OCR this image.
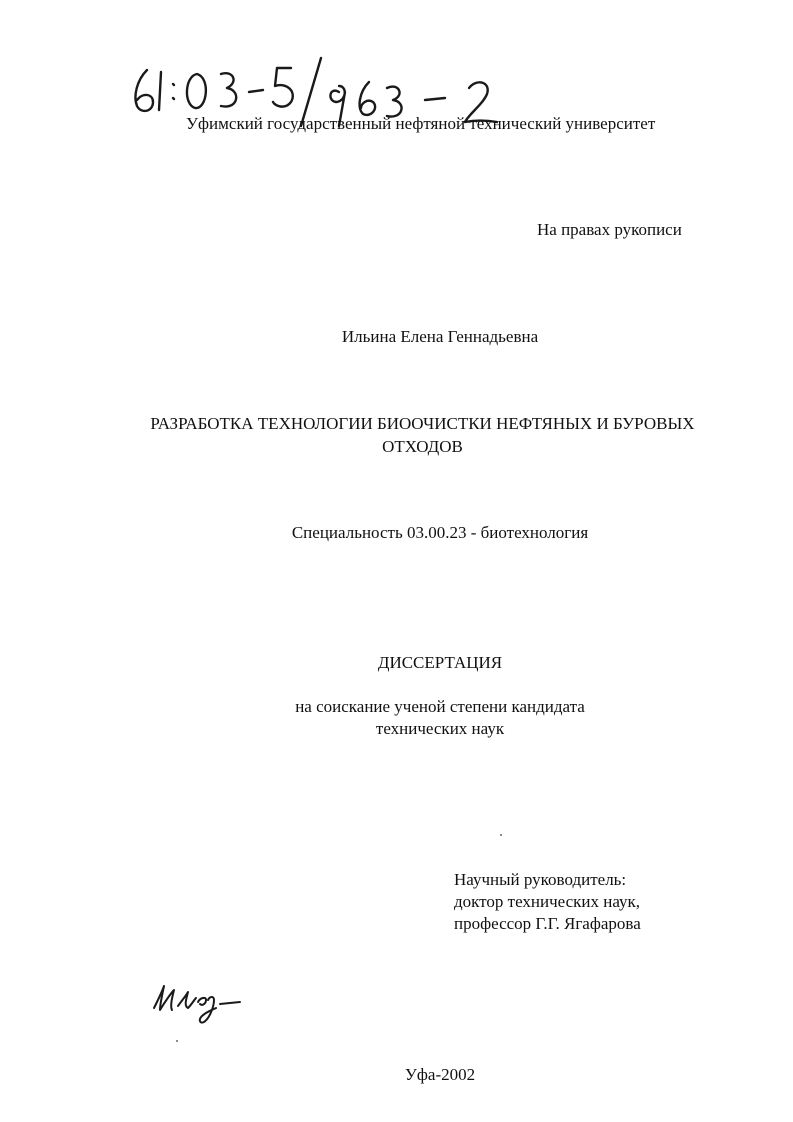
Уфимский государственный нефтяной технический университет
На правах рукописи
Ильина Елена Геннадьевна
РАЗРАБОТКА ТЕХНОЛОГИИ БИООЧИСТКИ НЕФТЯНЫХ И БУРОВЫХ
ОТХОДОВ
Специальность 03.00.23 - биотехнология
ДИССЕРТАЦИЯ
на соискание ученой степени кандидата
технических наук
Научный руководитель:
доктор технических наук,
профессор Г.Г. Ягафарова
Уфа-2002
